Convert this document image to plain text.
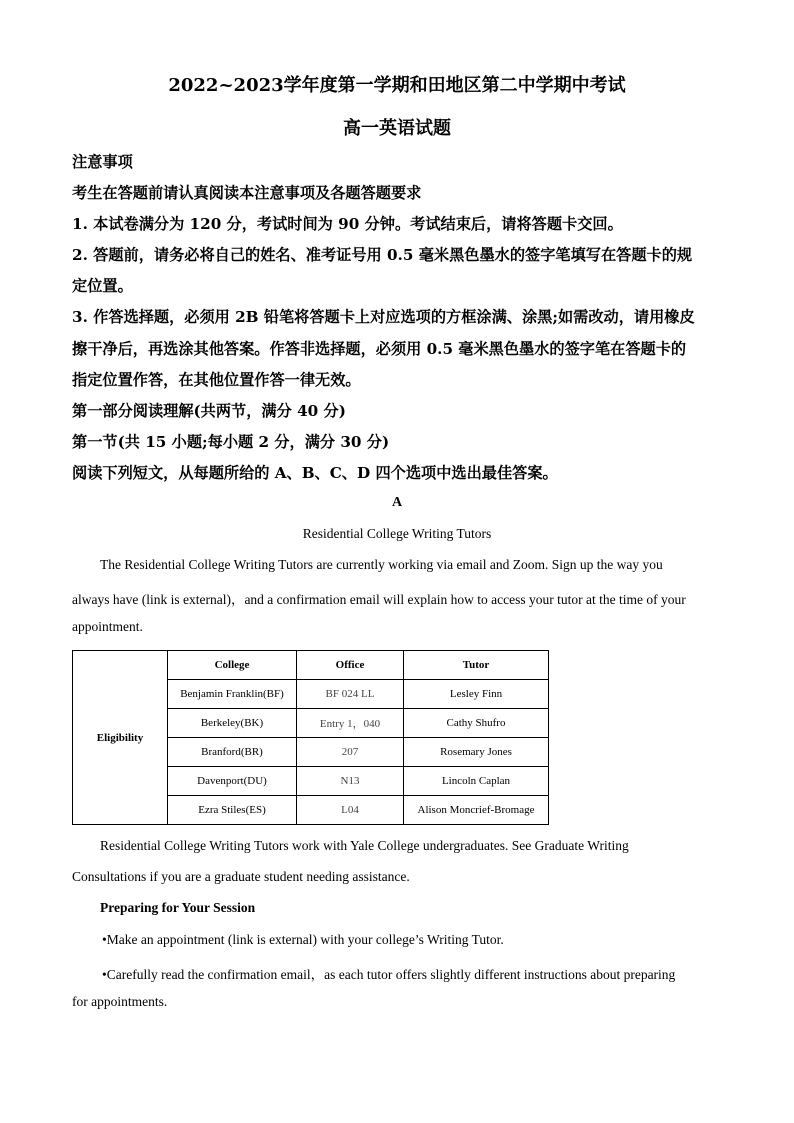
2022~2023学年度第一学期和田地区第二中学期中考试
高一英语试题
注意事项
考生在答题前请认真阅读本注意事项及各题答题要求
1. 本试卷满分为 120 分，考试时间为 90 分钟。考试结束后，请将答题卡交回。
2. 答题前，请务必将自己的姓名、准考证号用 0.5 毫米黑色墨水的签字笔填写在答题卡的规
定位置。
3. 作答选择题，必须用 2B 铅笔将答题卡上对应选项的方框涂满、涂黑;如需改动，请用橡皮
擦干净后，再选涂其他答案。作答非选择题，必须用 0.5 毫米黑色墨水的签字笔在答题卡的
指定位置作答，在其他位置作答一律无效。
第一部分阅读理解(共两节，满分 40 分)
第一节(共 15 小题;每小题 2 分，满分 30 分)
阅读下列短文，从每题所给的 A、B、C、D 四个选项中选出最佳答案。
A
Residential College Writing Tutors
The Residential College Writing Tutors are currently working via email and Zoom. Sign up the way you
always have (link is external)，and a confirmation email will explain how to access your tutor at the time of your
appointment.
Eligibility	College	Office	Tutor
	Benjamin Franklin(BF)	BF 024 LL	Lesley Finn
	Berkeley(BK)	Entry 1，040	Cathy Shufro
	Branford(BR)	207	Rosemary Jones
	Davenport(DU)	N13	Lincoln Caplan
	Ezra Stiles(ES)	L04	Alison Moncrief-Bromage
Residential College Writing Tutors work with Yale College undergraduates. See Graduate Writing
Consultations if you are a graduate student needing assistance.
Preparing for Your Session
•Make an appointment (link is external) with your college’s Writing Tutor.
•Carefully read the confirmation email，as each tutor offers slightly different instructions about preparing
for appointments.
